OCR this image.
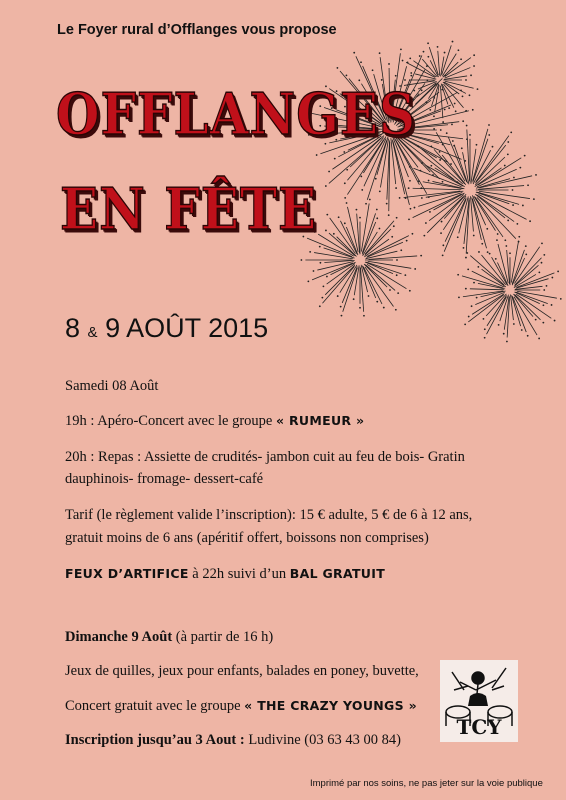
Le Foyer rural d’Offlanges vous propose
OFFLANGES
EN FÊTE
8 & 9 AOÛT 2015
Samedi 08 Août
19h : Apéro-Concert avec le groupe « RUMEUR »
20h : Repas : Assiette de crudités- jambon cuit au feu de bois- Gratin
dauphinois- fromage- dessert-café
Tarif (le règlement valide l’inscription): 15 € adulte, 5 € de 6 à 12 ans,
gratuit moins de 6 ans (apéritif offert, boissons non comprises)
FEUX D’ARTIFICE à 22h suivi d’un BAL GRATUIT
Dimanche 9 Août (à partir de 16 h)
Jeux de quilles, jeux pour enfants, balades en poney, buvette,
Concert gratuit avec le groupe « THE CRAZY YOUNGS »
Inscription jusqu’au 3 Aout : Ludivine (03 63 43 00 84)
TCY
Imprimé par nos soins, ne pas jeter sur la voie publique
